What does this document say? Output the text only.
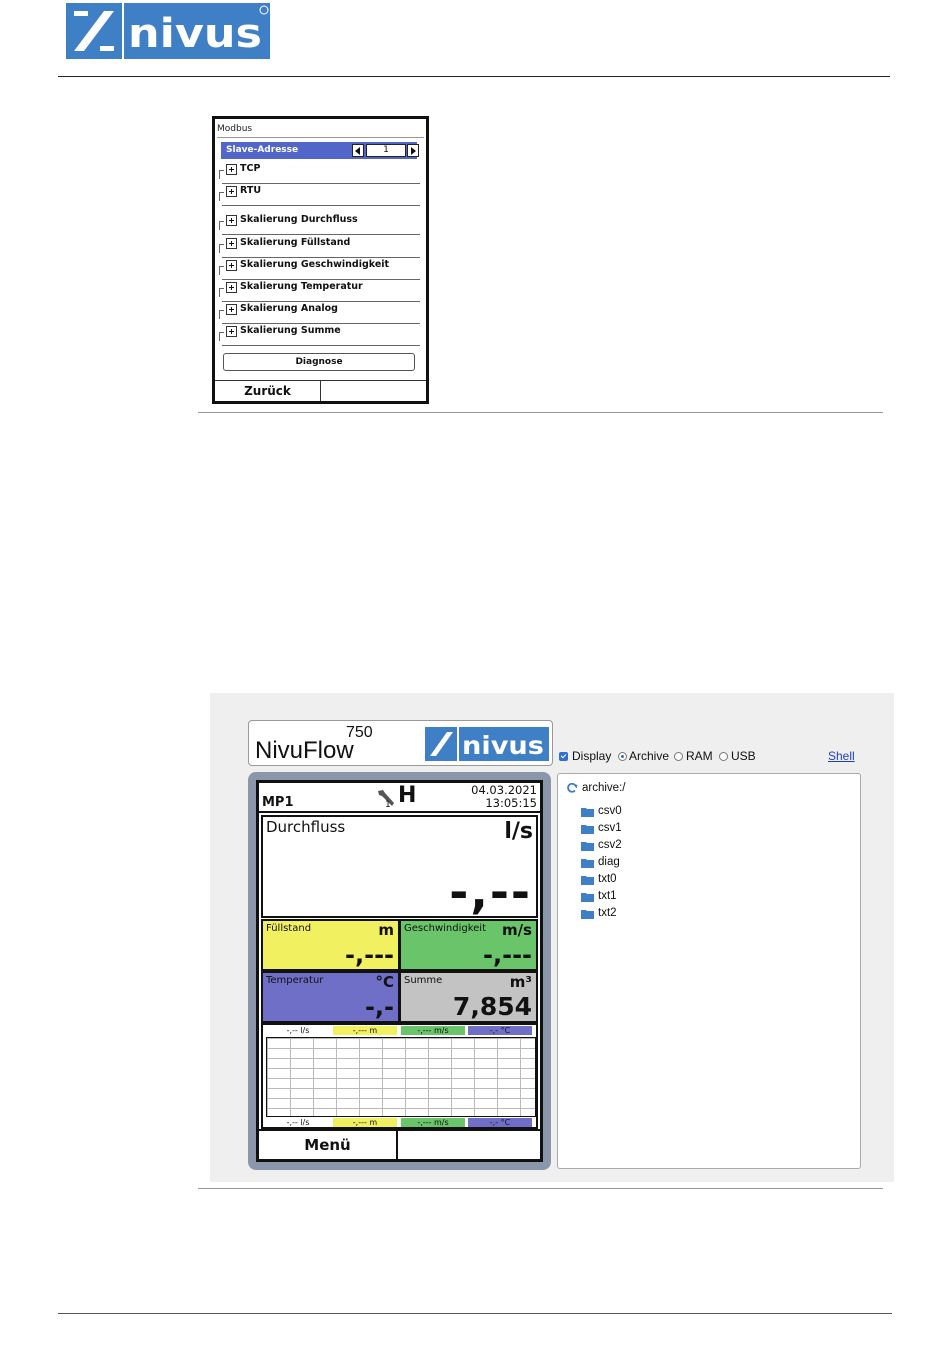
nivus
Modbus
Slave-Adresse	1
TCP
RTU
Skalierung Durchfluss
Skalierung Füllstand
Skalierung Geschwindigkeit
Skalierung Temperatur
Skalierung Analog
Skalierung Summe
Diagnose
Zurück
NivuFlow
750	nivus
MP1	1 H	04.03.2021
13:05:15
Durchfluss	l/s
-,--
Füllstand	m
-,---
Geschwindigkeit m/s
-,---
Temperatur	°C
-,-
Summe	m³
7,854
-,-- l/s	-,--- m	-,--- m/s	-,- °C
-,-- l/s	-,--- m	-,--- m/s	-,- °C
Menü
Display Archive RAM USB	Shell
archive:/
csv0
csv1
csv2
diag
txt0
txt1
txt2
